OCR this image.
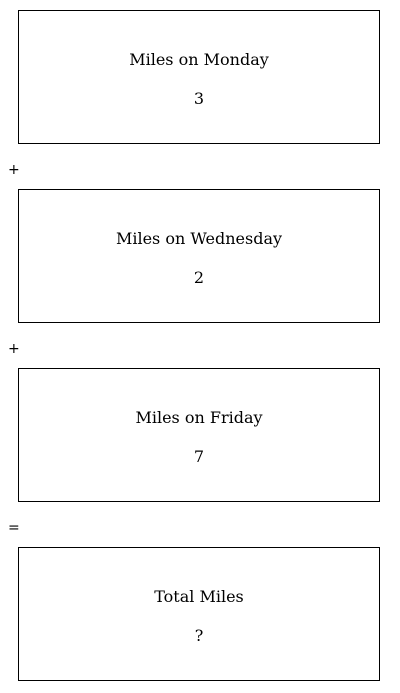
Miles on Monday
3
+
Miles on Wednesday
2
+
Miles on Friday
7
=
Total Miles
?
